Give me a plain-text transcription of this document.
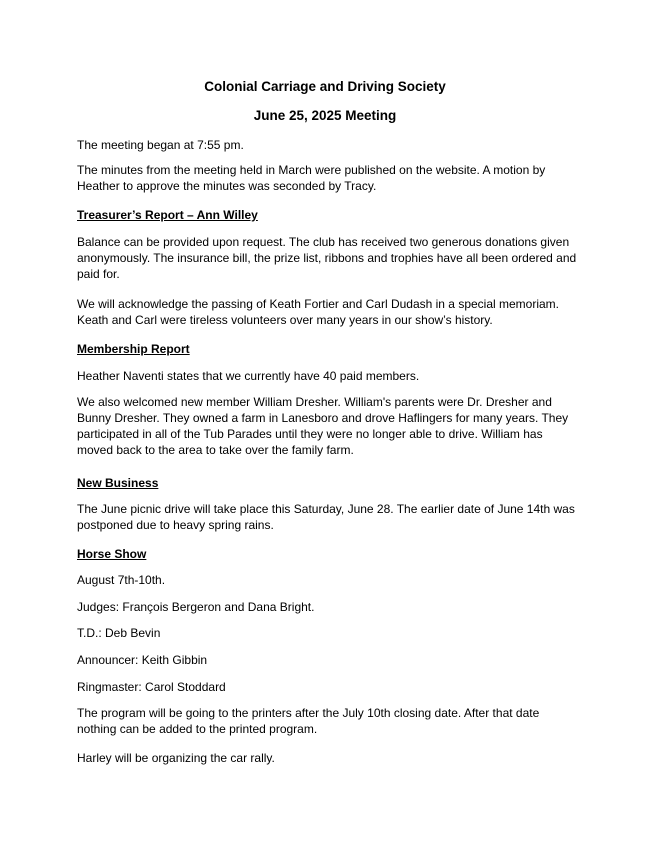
Colonial Carriage and Driving Society
June 25, 2025 Meeting
The meeting began at 7:55 pm.
The minutes from the meeting held in March were published on the website. A motion by Heather to approve the minutes was seconded by Tracy.
Treasurer’s Report – Ann Willey
Balance can be provided upon request. The club has received two generous donations given anonymously. The insurance bill, the prize list, ribbons and trophies have all been ordered and paid for.
We will acknowledge the passing of Keath Fortier and Carl Dudash in a special memoriam. Keath and Carl were tireless volunteers over many years in our show’s history.
Membership Report
Heather Naventi states that we currently have 40 paid members.
We also welcomed new member William Dresher. William's parents were Dr. Dresher and Bunny Dresher. They owned a farm in Lanesboro and drove Haflingers for many years. They participated in all of the Tub Parades until they were no longer able to drive. William has moved back to the area to take over the family farm.
New Business
The June picnic drive will take place this Saturday, June 28. The earlier date of June 14th was postponed due to heavy spring rains.
Horse Show
August 7th-10th.
Judges: François Bergeron and Dana Bright.
T.D.: Deb Bevin
Announcer: Keith Gibbin
Ringmaster: Carol Stoddard
The program will be going to the printers after the July 10th closing date. After that date nothing can be added to the printed program.
Harley will be organizing the car rally.
